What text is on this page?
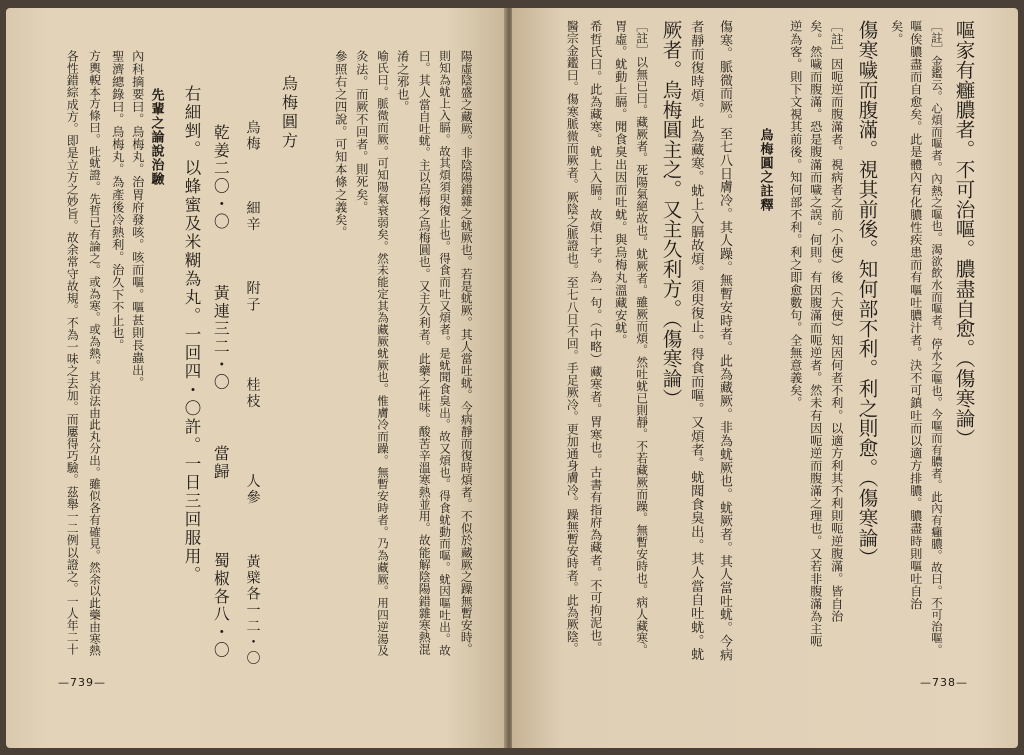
—739—
陽虛陰盛之藏厥。非陰陽錯雜之蚘厥也。若是蚘厥。其人當吐蚘。今病靜而復時煩者。不似於藏厥之躁無暫安時。
則知為蚘上入膈。故其煩須臾復止也。得食而吐又煩者。是蚘聞食臭出。故又煩也。得食蚘動而嘔。蚘因嘔吐出。故
曰。其人當自吐蚘。主以烏梅之烏梅圓也。又主久利者。此藥之性味。酸苦辛溫寒熱並用。故能解陰陽錯雜寒熱混
淆之邪也。
喻氏曰。脈微而厥。可知陽氣衰弱矣。然未能定其為藏厥蚘厥也。惟膚冷而躁。無暫安時者。乃為藏厥。用四逆湯及
灸法。而厥不回者。則死矣。
參照右之四說。可知本條之義矣。
烏梅圓方
烏梅　　　細辛　　　附子　　　　桂枝　　　　人參　　　黃檗各一二・〇
乾姜二〇・〇　　　黃連三二・〇　　　當歸　　　　蜀椒各八・〇
右細剉。以蜂蜜及米糊為丸。一回四・〇許。一日三回服用。
先輩之論說治驗
內科摘要曰。烏梅丸。治胃府發咳。咳而嘔。嘔甚則長蟲出。
聖濟總錄曰。烏梅丸。為產後冷熱利。治久下不止也。
方輿輗本方條曰。吐蚘證。先哲已有論之。或為寒。或為熱。其治法由此丸分出。雖似各有確見。然余以此藥由寒熱
各性錯綜成方。即是立方之妙旨。故余常守故規。不為一味之去加。而屢得巧驗。茲舉一二例以證之。一人年二十
—738—
嘔家有癰膿者。不可治嘔。膿盡自愈。（傷寒論）
［註］金鑑云。心煩而嘔者。內熱之嘔也。渴欲飲水而嘔者。停水之嘔也。今嘔而有膿者。此內有癰膿。故曰。不可治嘔。
嘔俟膿盡而自愈矣。此是體內有化膿性疾患而有嘔吐膿汁者。決不可鎮吐而以適方排膿。膿盡時則嘔吐自治
矣。
傷寒噦而腹滿。視其前後。知何部不利。利之則愈。（傷寒論）
［註］因呃逆而腹滿者。視病者之前（小便）後（大便）知因何者不利。以適方利其不利則呃逆腹滿。皆自治
矣。然噦而腹滿。恐是腹滿而噦之誤。何則。有因腹滿而呃逆者。然未有因呃逆而腹滿之理也。又若非腹滿為主呃
逆為客。則下文視其前後。知何部不利。利之即愈數句。全無意義矣。
烏梅圓之註釋
傷寒。脈微而厥。至七八日膚冷。其人躁。無暫安時者。此為藏厥。非為蚘厥也。蚘厥者。其人當吐蚘。今病
者靜而復時煩。此為藏寒。蚘上入膈故煩。須臾復止。得食而嘔。又煩者。蚘聞食臭出。其人當自吐蚘。蚘
厥者。烏梅圓主之。又主久利方。（傷寒論）
［註］以無已曰。藏厥者。死陽氣絕故也。蚘厥者。雖厥而煩。然吐蚘已則靜。不若藏厥而躁。無暫安時也。病人藏寒。
胃虛。蚘動上膈。聞食臭出因而吐蚘。與烏梅丸溫藏安蚘。
希哲氏曰。此為藏寒。蚘上入膈。故煩十字。為一句。（中略）藏寒者。胃寒也。古書有指府為藏者。不可拘泥也。
醫宗金鑑曰。傷寒脈微而厥者。厥陰之脈證也。至七八日不回。手足厥冷。更加通身膚冷。躁無暫安時者。此為厥陰。
